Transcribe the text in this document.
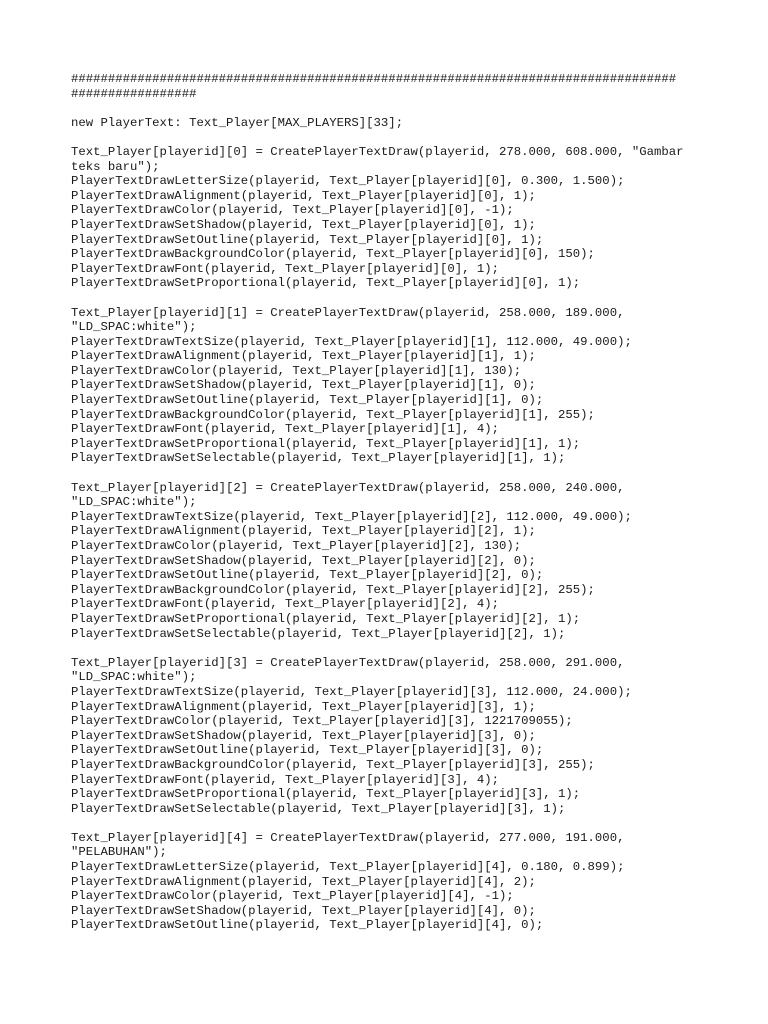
##################################################################################
#################

new PlayerText: Text_Player[MAX_PLAYERS][33];

Text_Player[playerid][0] = CreatePlayerTextDraw(playerid, 278.000, 608.000, "Gambar
teks baru");
PlayerTextDrawLetterSize(playerid, Text_Player[playerid][0], 0.300, 1.500);
PlayerTextDrawAlignment(playerid, Text_Player[playerid][0], 1);
PlayerTextDrawColor(playerid, Text_Player[playerid][0], -1);
PlayerTextDrawSetShadow(playerid, Text_Player[playerid][0], 1);
PlayerTextDrawSetOutline(playerid, Text_Player[playerid][0], 1);
PlayerTextDrawBackgroundColor(playerid, Text_Player[playerid][0], 150);
PlayerTextDrawFont(playerid, Text_Player[playerid][0], 1);
PlayerTextDrawSetProportional(playerid, Text_Player[playerid][0], 1);

Text_Player[playerid][1] = CreatePlayerTextDraw(playerid, 258.000, 189.000,
"LD_SPAC:white");
PlayerTextDrawTextSize(playerid, Text_Player[playerid][1], 112.000, 49.000);
PlayerTextDrawAlignment(playerid, Text_Player[playerid][1], 1);
PlayerTextDrawColor(playerid, Text_Player[playerid][1], 130);
PlayerTextDrawSetShadow(playerid, Text_Player[playerid][1], 0);
PlayerTextDrawSetOutline(playerid, Text_Player[playerid][1], 0);
PlayerTextDrawBackgroundColor(playerid, Text_Player[playerid][1], 255);
PlayerTextDrawFont(playerid, Text_Player[playerid][1], 4);
PlayerTextDrawSetProportional(playerid, Text_Player[playerid][1], 1);
PlayerTextDrawSetSelectable(playerid, Text_Player[playerid][1], 1);

Text_Player[playerid][2] = CreatePlayerTextDraw(playerid, 258.000, 240.000,
"LD_SPAC:white");
PlayerTextDrawTextSize(playerid, Text_Player[playerid][2], 112.000, 49.000);
PlayerTextDrawAlignment(playerid, Text_Player[playerid][2], 1);
PlayerTextDrawColor(playerid, Text_Player[playerid][2], 130);
PlayerTextDrawSetShadow(playerid, Text_Player[playerid][2], 0);
PlayerTextDrawSetOutline(playerid, Text_Player[playerid][2], 0);
PlayerTextDrawBackgroundColor(playerid, Text_Player[playerid][2], 255);
PlayerTextDrawFont(playerid, Text_Player[playerid][2], 4);
PlayerTextDrawSetProportional(playerid, Text_Player[playerid][2], 1);
PlayerTextDrawSetSelectable(playerid, Text_Player[playerid][2], 1);

Text_Player[playerid][3] = CreatePlayerTextDraw(playerid, 258.000, 291.000,
"LD_SPAC:white");
PlayerTextDrawTextSize(playerid, Text_Player[playerid][3], 112.000, 24.000);
PlayerTextDrawAlignment(playerid, Text_Player[playerid][3], 1);
PlayerTextDrawColor(playerid, Text_Player[playerid][3], 1221709055);
PlayerTextDrawSetShadow(playerid, Text_Player[playerid][3], 0);
PlayerTextDrawSetOutline(playerid, Text_Player[playerid][3], 0);
PlayerTextDrawBackgroundColor(playerid, Text_Player[playerid][3], 255);
PlayerTextDrawFont(playerid, Text_Player[playerid][3], 4);
PlayerTextDrawSetProportional(playerid, Text_Player[playerid][3], 1);
PlayerTextDrawSetSelectable(playerid, Text_Player[playerid][3], 1);

Text_Player[playerid][4] = CreatePlayerTextDraw(playerid, 277.000, 191.000,
"PELABUHAN");
PlayerTextDrawLetterSize(playerid, Text_Player[playerid][4], 0.180, 0.899);
PlayerTextDrawAlignment(playerid, Text_Player[playerid][4], 2);
PlayerTextDrawColor(playerid, Text_Player[playerid][4], -1);
PlayerTextDrawSetShadow(playerid, Text_Player[playerid][4], 0);
PlayerTextDrawSetOutline(playerid, Text_Player[playerid][4], 0);
